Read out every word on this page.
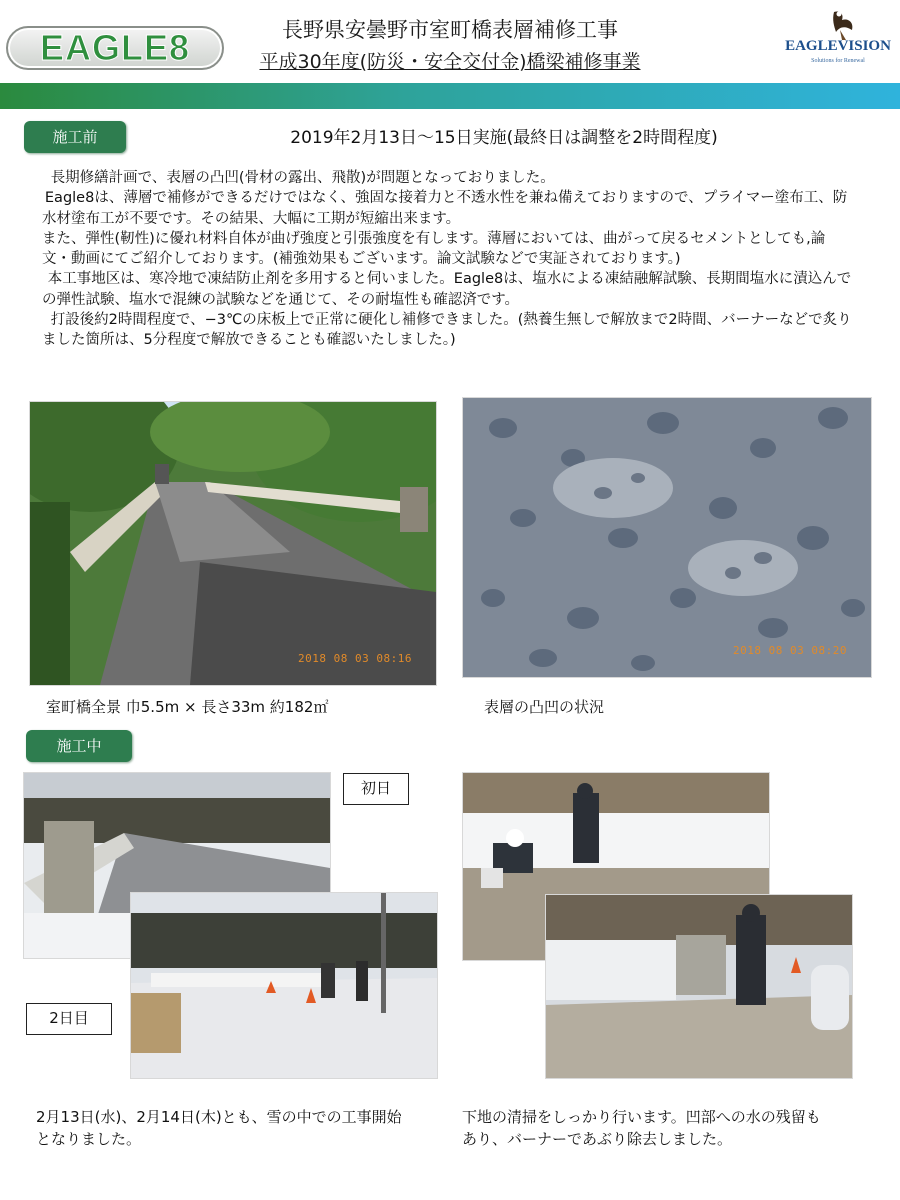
EAGLE8	長野県安曇野市室町橋表層補修工事
平成30年度(防災・安全交付金)橋梁補修事業
EAGLEVISION
Solutions for Renewal
施工前	2019年2月13日〜15日実施(最終日は調整を2時間程度)

長期修繕計画で、表層の凸凹(骨材の露出、飛散)が問題となっておりました。

Eagle8は、薄層で補修ができるだけではなく、強固な接着力と不透水性を兼ね備えておりますので、プライマー塗布工、防水材塗布工が不要です。その結果、大幅に工期が短縮出来ます。

また、弾性(靭性)に優れ材料自体が曲げ強度と引張強度を有します。薄層においては、曲がって戻るセメントとしても,論文・動画にてご紹介しております。(補強効果もございます。論文試験などで実証されております。)

本工事地区は、寒冷地で凍結防止剤を多用すると伺いました。Eagle8は、塩水による凍結融解試験、長期間塩水に漬込んでの弾性試験、塩水で混練の試験などを通じて、その耐塩性も確認済です。

打設後約2時間程度で、−3℃の床板上で正常に硬化し補修できました。(熱養生無しで解放まで2時間、バーナーなどで炙りました箇所は、5分程度で解放できることも確認いたしました。)

2018 08 03 08:16
2018 08 03 08:20
室町橋全景 巾5.5m × 長さ33m 約182㎡	表層の凸凹の状況
施工中
初日
2日目
2月13日(水)、2月14日(木)とも、雪の中での工事開始となりました。
下地の清掃をしっかり行います。凹部への水の残留もあり、バーナーであぶり除去しました。
